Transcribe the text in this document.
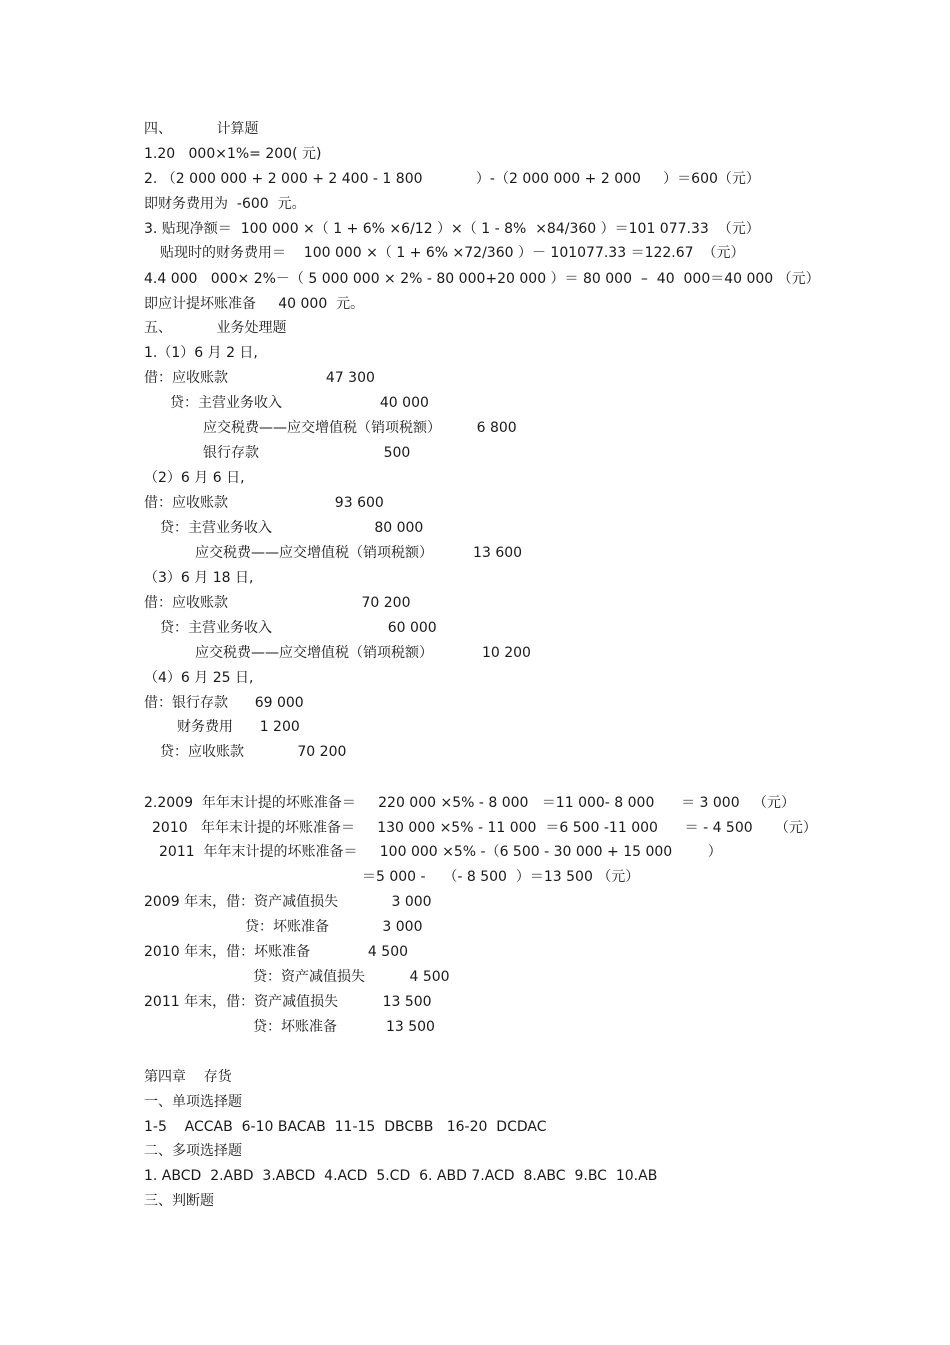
四、          计算题
1.20   000×1%= 200( 元)
2. （2 000 000 + 2 000 + 2 400 - 1 800            ）-（2 000 000 + 2 000     ）＝600（元）
即财务费用为  -600  元。
3. 贴现净额＝  100 000 ×（ 1 + 6% ×6/12 ）×（ 1 - 8%  ×84/360 ）＝101 077.33  （元）
贴现时的财务费用＝    100 000 ×（ 1 + 6% ×72/360 ）－ 101077.33 ＝122.67  （元）
4.4 000   000× 2%－（ 5 000 000 × 2% - 80 000+20 000 ）＝ 80 000  –  40  000＝40 000 （元）
即应计提坏账准备     40 000  元。
五、          业务处理题
1.（1）6 月 2 日,
借：应收账款                      47 300
贷：主营业务收入                      40 000
应交税费——应交增值税（销项税额）        6 800
银行存款                            500
（2）6 月 6 日,
借：应收账款                        93 600
贷：主营业务收入                       80 000
应交税费——应交增值税（销项税额）         13 600
（3）6 月 18 日,
借：应收账款                              70 200
贷：主营业务收入                          60 000
应交税费——应交增值税（销项税额）           10 200
（4）6 月 25 日,
借：银行存款      69 000
财务费用      1 200
贷：应收账款            70 200
2.2009  年年末计提的坏账准备＝     220 000 ×5% - 8 000   ＝11 000- 8 000      ＝ 3 000   （元）
2010   年年末计提的坏账准备＝     130 000 ×5% - 11 000  ＝6 500 -11 000      ＝ - 4 500     （元）
2011  年年末计提的坏账准备＝     100 000 ×5% -（6 500 - 30 000 + 15 000        ）
＝5 000 -    （- 8 500  ）＝13 500 （元）
2009 年末，借：资产减值损失            3 000
贷：坏账准备            3 000
2010 年末，借：坏账准备             4 500
贷：资产减值损失          4 500
2011 年末，借：资产减值损失          13 500
贷：坏账准备           13 500
第四章    存货
一、单项选择题
1-5    ACCAB  6-10 BACAB  11-15  DBCBB   16-20  DCDAC
二、多项选择题
1. ABCD  2.ABD  3.ABCD  4.ACD  5.CD  6. ABD 7.ACD  8.ABC  9.BC  10.AB
三、判断题
